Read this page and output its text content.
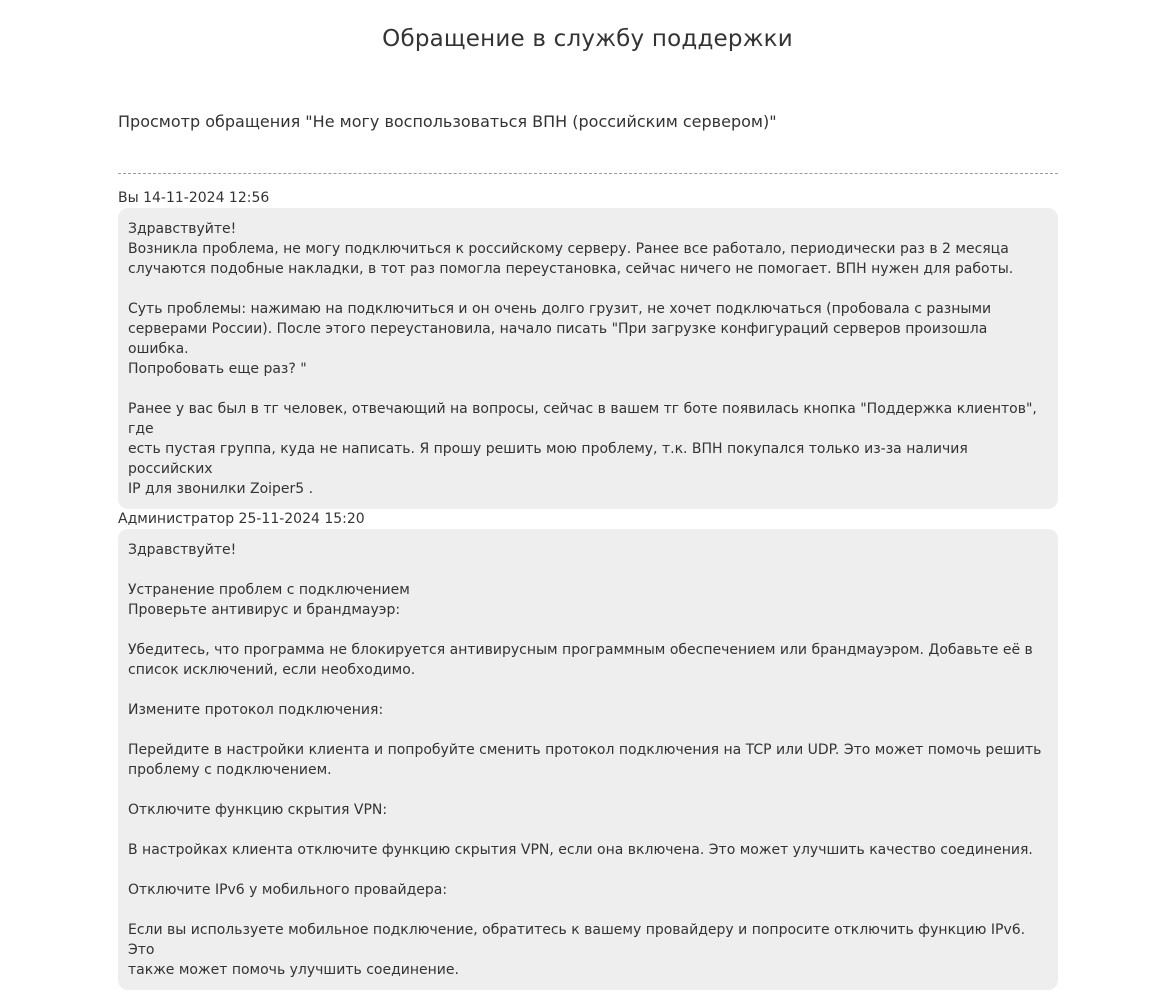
Обращение в службу поддержки
Просмотр обращения "Не могу воспользоваться ВПН (российским сервером)"
Вы 14-11-2024 12:56
Здравствуйте!
Возникла проблема, не могу подключиться к российскому серверу. Ранее все работало, периодически раз в 2 месяца
случаются подобные накладки, в тот раз помогла переустановка, сейчас ничего не помогает. ВПН нужен для работы.
Суть проблемы: нажимаю на подключиться и он очень долго грузит, не хочет подключаться (пробовала с разными
серверами России). После этого переустановила, начало писать "При загрузке конфигураций серверов произошла ошибка.
Попробовать еще раз? "
Ранее у вас был в тг человек, отвечающий на вопросы, сейчас в вашем тг боте появилась кнопка "Поддержка клиентов", где
есть пустая группа, куда не написать. Я прошу решить мою проблему, т.к. ВПН покупался только из-за наличия российских
IP для звонилки Zoiper5 .
Администратор 25-11-2024 15:20
Здравствуйте!
Устранение проблем с подключением
Проверьте антивирус и брандмауэр:
Убедитесь, что программа не блокируется антивирусным программным обеспечением или брандмауэром. Добавьте её в
список исключений, если необходимо.
Измените протокол подключения:
Перейдите в настройки клиента и попробуйте сменить протокол подключения на TCP или UDP. Это может помочь решить
проблему с подключением.
Отключите функцию скрытия VPN:
В настройках клиента отключите функцию скрытия VPN, если она включена. Это может улучшить качество соединения.
Отключите IPv6 у мобильного провайдера:
Если вы используете мобильное подключение, обратитесь к вашему провайдеру и попросите отключить функцию IPv6. Это
также может помочь улучшить соединение.
